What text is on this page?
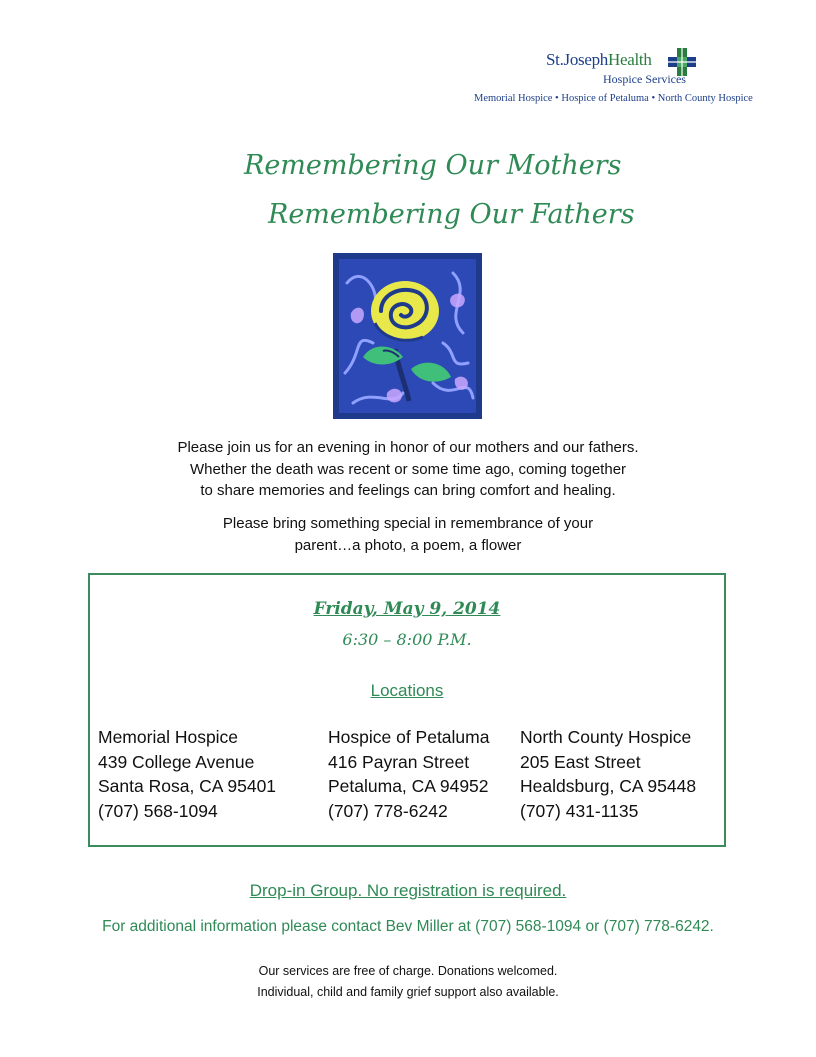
St.JosephHealth
Hospice Services
Memorial Hospice • Hospice of Petaluma • North County Hospice
Remembering Our Mothers
Remembering Our Fathers
Please join us for an evening in honor of our mothers and our fathers.
Whether the death was recent or some time ago, coming together
to share memories and feelings can bring comfort and healing.
Please bring something special in remembrance of your
parent…a photo, a poem, a flower
Friday, May 9, 2014
6:30 – 8:00 P.M.
Locations
Memorial Hospice
439 College Avenue
Santa Rosa, CA 95401
(707) 568-1094
Hospice of Petaluma
416 Payran Street
Petaluma, CA 94952
(707) 778-6242
North County Hospice
205 East Street
Healdsburg, CA 95448
(707) 431-1135
Drop-in Group. No registration is required.
For additional information please contact Bev Miller at (707) 568-1094 or (707) 778-6242.
Our services are free of charge. Donations welcomed.
Individual, child and family grief support also available.
